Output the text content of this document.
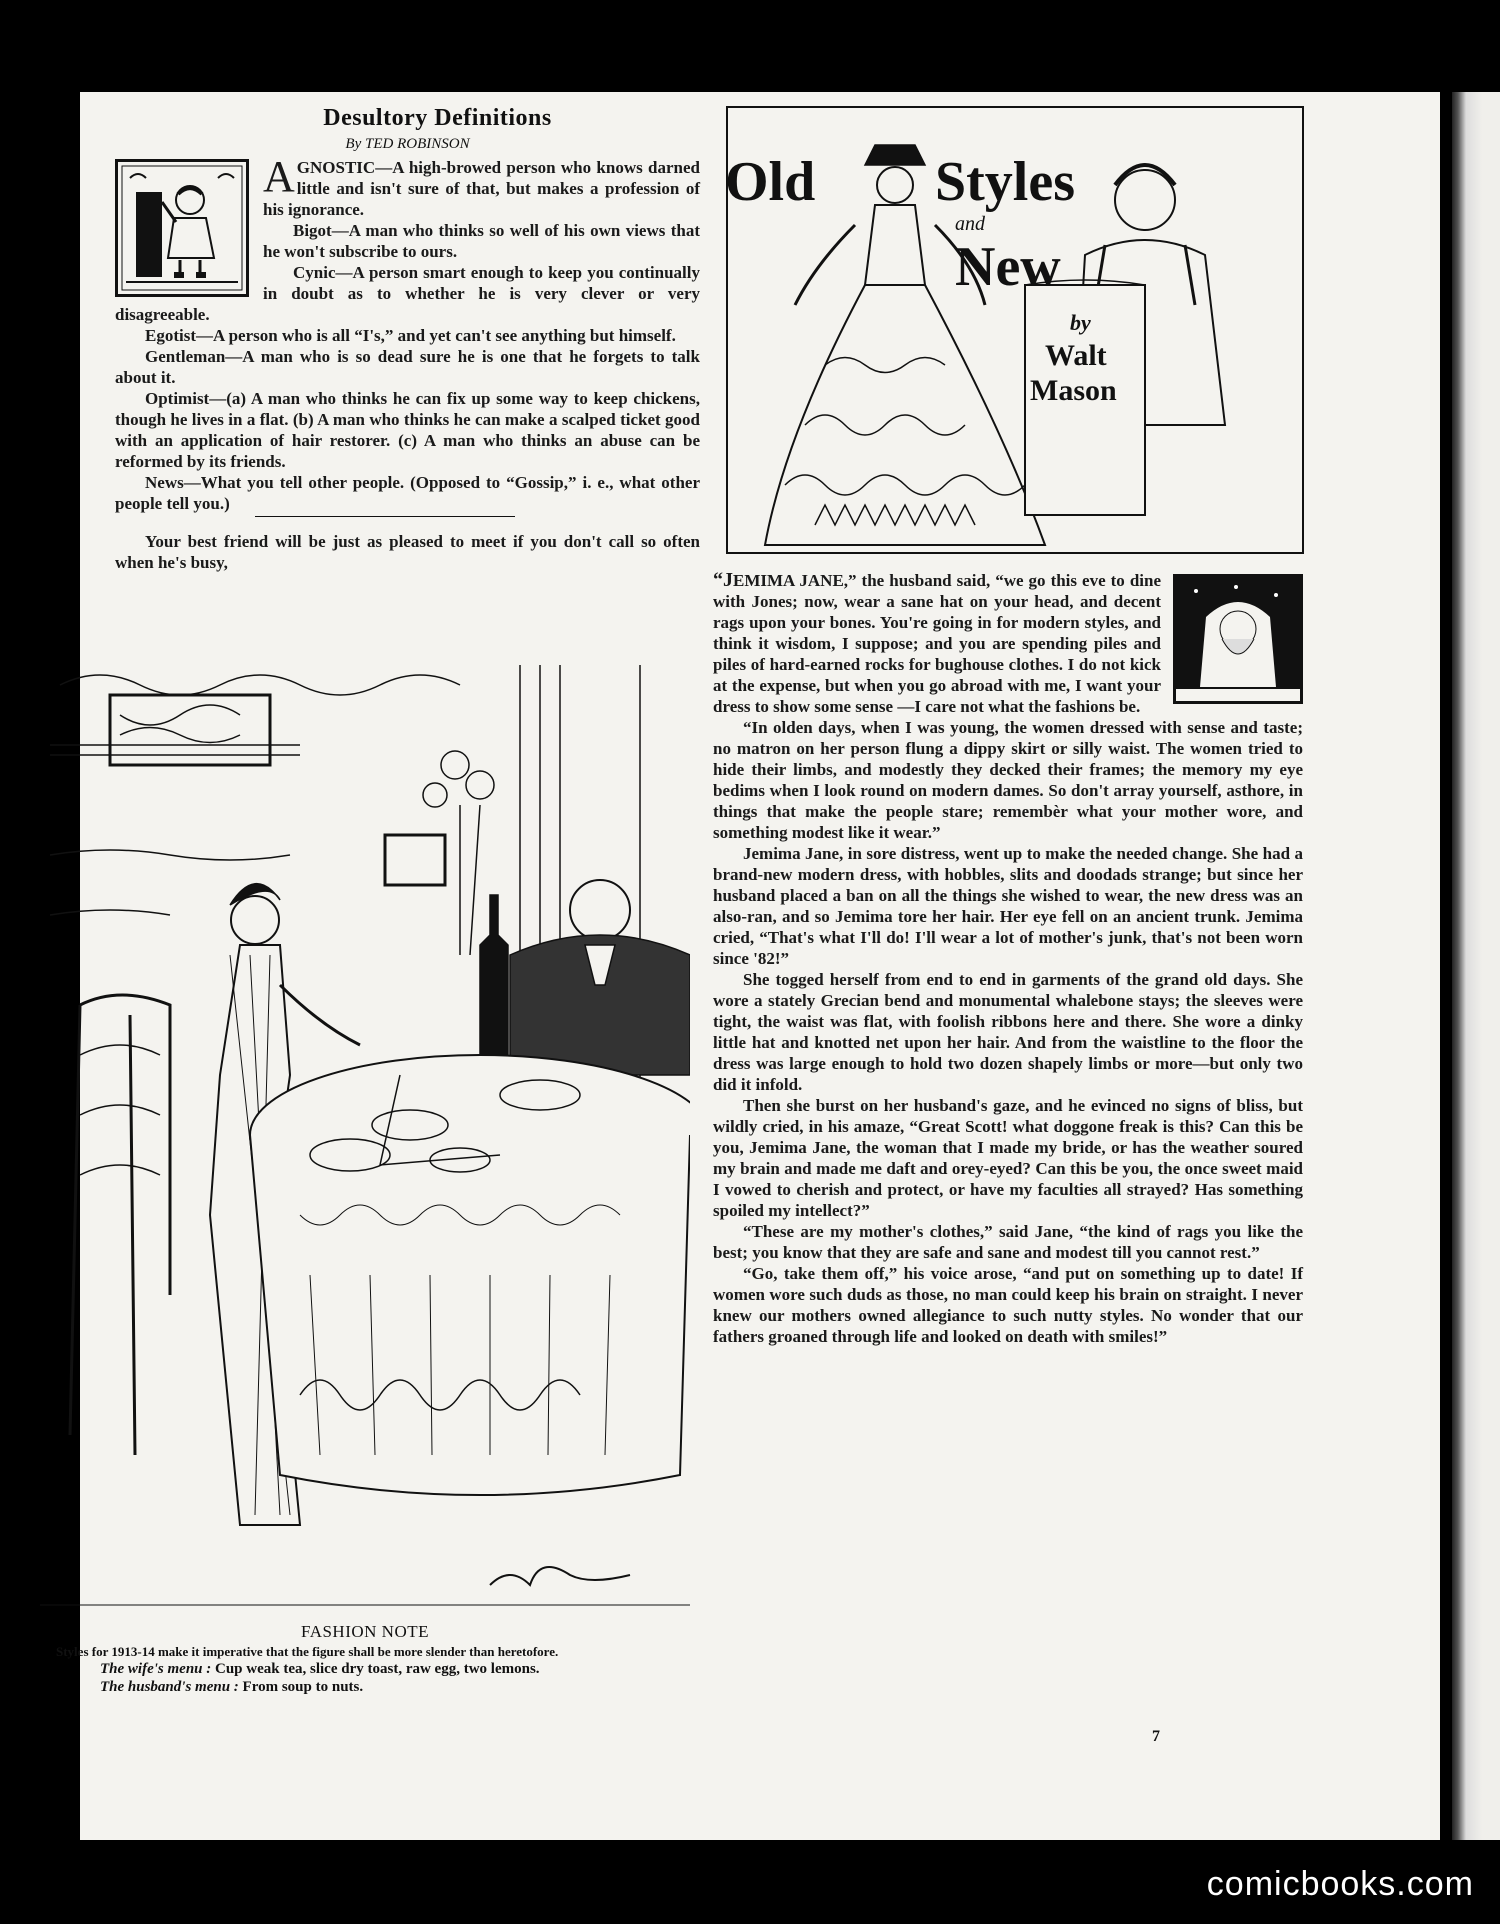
Desultory Definitions
By TED ROBINSON

AGNOSTIC—A high-browed person who knows darned little and isn't sure of that, but makes a profession of his ignorance.

Bigot—A man who thinks so well of his own views that he won't subscribe to ours.

Cynic—A person smart enough to keep you continually in doubt as to whether he is very clever or very disagreeable.

Egotist—A person who is all “I's,” and yet can't see anything but himself.

Gentleman—A man who is so dead sure he is one that he forgets to talk about it.

Optimist—(a) A man who thinks he can fix up some way to keep chickens, though he lives in a flat. (b) A man who thinks he can make a scalped ticket good with an application of hair restorer. (c) A man who thinks an abuse can be reformed by its friends.

News—What you tell other people. (Opposed to “Gossip,” i. e., what other people tell you.)

Your best friend will be just as pleased to meet if you don't call so often when he's busy,

FASHION NOTE
Styles for 1913-14 make it imperative that the figure shall be more slender than heretofore.
The wife's menu : Cup weak tea, slice dry toast, raw egg, two lemons.
The husband's menu : From soup to nuts.
Old Styles
and
New
by
Walt
Mason

“JEMIMA JANE,” the husband said, “we go this eve to dine with Jones; now, wear a sane hat on your head, and decent rags upon your bones. You're going in for modern styles, and think it wisdom, I suppose; and you are spending piles and piles of hard-earned rocks for bughouse clothes. I do not kick at the expense, but when you go abroad with me, I want your dress to show some sense —I care not what the fashions be.

“In olden days, when I was young, the women dressed with sense and taste; no matron on her person flung a dippy skirt or silly waist. The women tried to hide their limbs, and modestly they decked their frames; the memory my eye bedims when I look round on modern dames. So don't array yourself, asthore, in things that make the people stare; remembèr what your mother wore, and something modest like it wear.”

Jemima Jane, in sore distress, went up to make the needed change. She had a brand-new modern dress, with hobbles, slits and doodads strange; but since her husband placed a ban on all the things she wished to wear, the new dress was an also-ran, and so Jemima tore her hair. Her eye fell on an ancient trunk. Jemima cried, “That's what I'll do! I'll wear a lot of mother's junk, that's not been worn since '82!”

She togged herself from end to end in garments of the grand old days. She wore a stately Grecian bend and monumental whalebone stays; the sleeves were tight, the waist was flat, with foolish ribbons here and there. She wore a dinky little hat and knotted net upon her hair. And from the waistline to the floor the dress was large enough to hold two dozen shapely limbs or more—but only two did it infold.

Then she burst on her husband's gaze, and he evinced no signs of bliss, but wildly cried, in his amaze, “Great Scott! what doggone freak is this? Can this be you, Jemima Jane, the woman that I made my bride, or has the weather soured my brain and made me daft and orey-eyed? Can this be you, the once sweet maid I vowed to cherish and protect, or have my faculties all strayed? Has something spoiled my intellect?”

“These are my mother's clothes,” said Jane, “the kind of rags you like the best; you know that they are safe and sane and modest till you cannot rest.”

“Go, take them off,” his voice arose, “and put on something up to date! If women wore such duds as those, no man could keep his brain on straight. I never knew our mothers owned allegiance to such nutty styles. No wonder that our fathers groaned through life and looked on death with smiles!”

7
comicbooks.com
